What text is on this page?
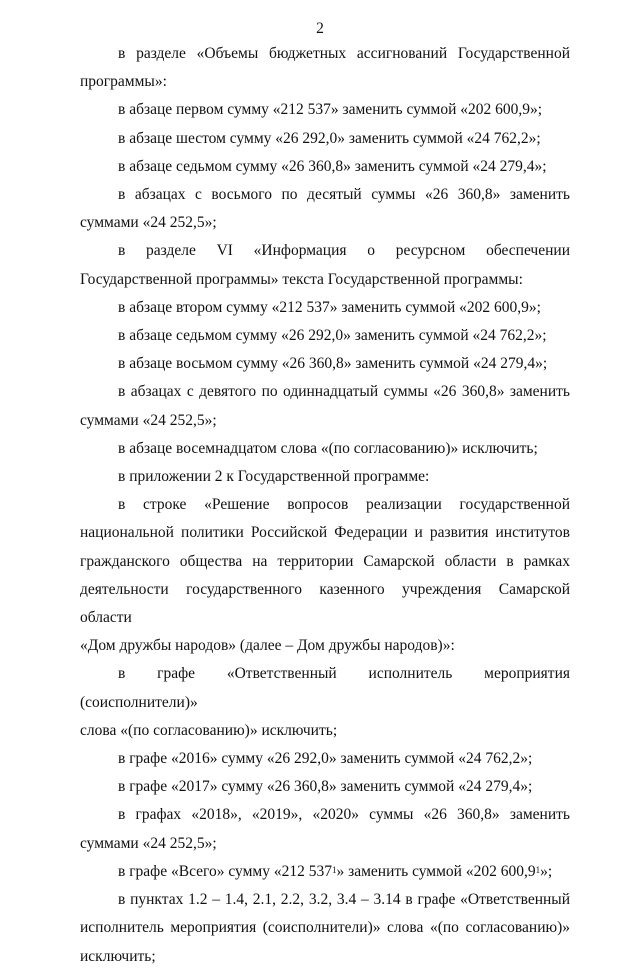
2

в разделе «Объемы бюджетных ассигнований Государственной
программы»:

в абзаце первом сумму «212 537» заменить суммой «202 600,9»;

в абзаце шестом сумму «26 292,0» заменить суммой «24 762,2»;

в абзаце седьмом сумму «26 360,8» заменить суммой «24 279,4»;

в абзацах с восьмого по десятый суммы «26 360,8» заменить
суммами «24 252,5»;

в разделе VI «Информация о ресурсном обеспечении
Государственной программы» текста Государственной программы:

в абзаце втором сумму «212 537» заменить суммой «202 600,9»;

в абзаце седьмом сумму «26 292,0» заменить суммой «24 762,2»;

в абзаце восьмом сумму «26 360,8» заменить суммой «24 279,4»;

в абзацах с девятого по одиннадцатый суммы «26 360,8» заменить
суммами «24 252,5»;

в абзаце восемнадцатом слова «(по согласованию)» исключить;

в приложении 2 к Государственной программе:

в строке «Решение вопросов реализации государственной
национальной политики Российской Федерации и развития институтов
гражданского общества на территории Самарской области в рамках
деятельности государственного казенного учреждения Самарской области
«Дом дружбы народов» (далее – Дом дружбы народов)»:

в графе «Ответственный исполнитель мероприятия (соисполнители)»
слова «(по согласованию)» исключить;

в графе «2016» сумму «26 292,0» заменить суммой «24 762,2»;

в графе «2017» сумму «26 360,8» заменить суммой «24 279,4»;

в графах «2018», «2019», «2020» суммы «26 360,8» заменить
суммами «24 252,5»;

в графе «Всего» сумму «212 $537^1$» заменить суммой «202 600,9$^1$»;

в пунктах 1.2 – 1.4, 2.1, 2.2, 3.2, 3.4 – 3.14 в графе «Ответственный
исполнитель мероприятия (соисполнители)» слова «(по согласованию)»
исключить;
